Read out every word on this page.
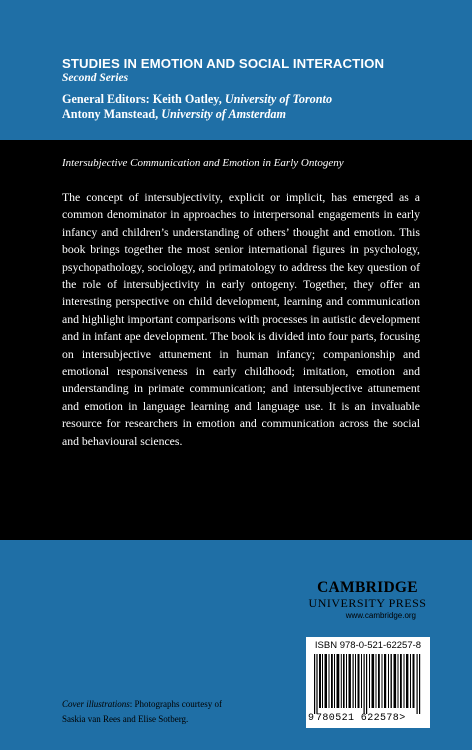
STUDIES IN EMOTION AND SOCIAL INTERACTION
Second Series
General Editors: Keith Oatley, University of Toronto
Antony Manstead, University of Amsterdam
Intersubjective Communication and Emotion in Early Ontogeny

The concept of intersubjectivity, explicit or implicit, has emerged as a common denominator in approaches to interpersonal engagements in early infancy and children’s understanding of others’ thought and emotion. This book brings together the most senior international figures in psychology, psychopathology, sociology, and primatology to address the key question of the role of intersubjectivity in early ontogeny. Together, they offer an interesting perspective on child development, learning and communication and highlight important comparisons with processes in autistic development and in infant ape development. The book is divided into four parts, focusing on intersubjective attunement in human infancy; companionship and emotional responsiveness in early childhood; imitation, emotion and understanding in primate communication; and intersubjective attunement and emotion in language learning and language use. It is an invaluable resource for researchers in emotion and communication across the social and behavioural sciences.

CAMBRIDGE
UNIVERSITY PRESS
www.cambridge.org
ISBN 978-0-521-62257-8
9 780521 622578>
Cover illustrations: Photographs courtesy of
Saskia van Rees and Elise Sotberg.
